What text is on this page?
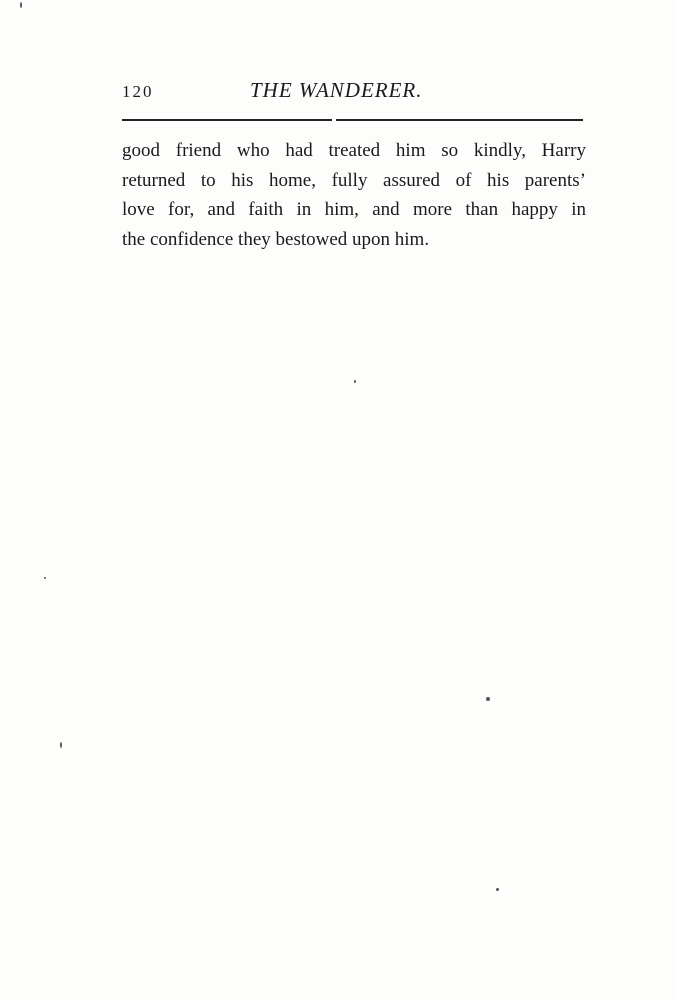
120	THE WANDERER.
good friend who had treated him so kindly, Harry
returned to his home, fully assured of his parents’
love for, and faith in him, and more than happy in
the confidence they bestowed upon him.
